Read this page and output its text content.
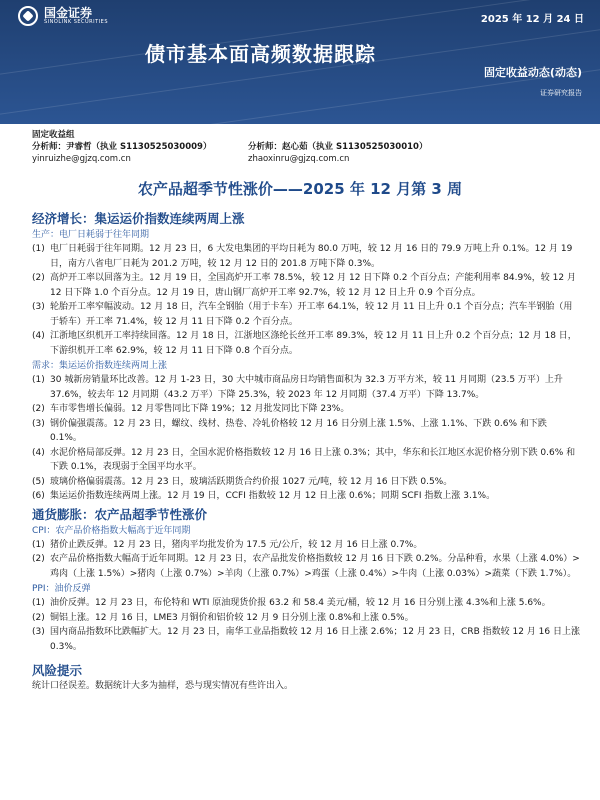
国金证券
SINOLINK SECURITIES	2025 年 12 月 24 日
债市基本面高频数据跟踪
固定收益动态(动态)
证券研究报告
固定收益组
分析师：尹睿哲（执业 S1130525030009）	分析师：赵心茹（执业 S1130525030010）
yinruizhe@gjzq.com.cn	zhaoxinru@gjzq.com.cn
农产品超季节性涨价——2025 年 12 月第 3 周
经济增长：集运运价指数连续两周上涨
生产：电厂日耗弱于往年同期
(1) 电厂日耗弱于往年同期。12 月 23 日，6 大发电集团的平均日耗为 80.0 万吨，较 12 月 16 日的 79.9 万吨上升 0.1%。12 月 19 日，南方八省电厂日耗为 201.2 万吨，较 12 月 12 日的 201.8 万吨下降 0.3%。
(2) 高炉开工率以回落为主。12 月 19 日，全国高炉开工率 78.5%，较 12 月 12 日下降 0.2 个百分点；产能利用率 84.9%，较 12 月 12 日下降 1.0 个百分点。12 月 19 日，唐山钢厂高炉开工率 92.7%，较 12 月 12 日上升 0.9 个百分点。
(3) 轮胎开工率窄幅波动。12 月 18 日，汽车全钢胎（用于卡车）开工率 64.1%，较 12 月 11 日上升 0.1 个百分点；汽车半钢胎（用于轿车）开工率 71.4%，较 12 月 11 日下降 0.2 个百分点。
(4) 江浙地区织机开工率持续回落。12 月 18 日，江浙地区涤纶长丝开工率 89.3%，较 12 月 11 日上升 0.2 个百分点；12 月 18 日，下游织机开工率 62.9%，较 12 月 11 日下降 0.8 个百分点。
需求：集运运价指数连续两周上涨
(1) 30 城新房销量环比改善。12 月 1-23 日，30 大中城市商品房日均销售面积为 32.3 万平方米，较 11 月同期（23.5 万平）上升 37.6%，较去年 12 月同期（43.2 万平）下降 25.3%，较 2023 年 12 月同期（37.4 万平）下降 13.7%。
(2) 车市零售增长偏弱。12 月零售同比下降 19%；12 月批发同比下降 23%。
(3) 钢价偏强震荡。12 月 23 日，螺纹、线材、热卷、冷轧价格较 12 月 16 日分别上涨 1.5%、上涨 1.1%、下跌 0.6% 和下跌 0.1%。
(4) 水泥价格局部反弹。12 月 23 日，全国水泥价格指数较 12 月 16 日上涨 0.3%；其中，华东和长江地区水泥价格分别下跌 0.6% 和下跌 0.1%，表现弱于全国平均水平。
(5) 玻璃价格偏弱震荡。12 月 23 日，玻璃活跃期货合约价报 1027 元/吨，较 12 月 16 日下跌 0.5%。
(6) 集运运价指数连续两周上涨。12 月 19 日，CCFI 指数较 12 月 12 日上涨 0.6%；同期 SCFI 指数上涨 3.1%。
通货膨胀：农产品超季节性涨价
CPI：农产品价格指数大幅高于近年同期
(1) 猪价止跌反弹。12 月 23 日，猪肉平均批发价为 17.5 元/公斤，较 12 月 16 日上涨 0.7%。
(2) 农产品价格指数大幅高于近年同期。12 月 23 日，农产品批发价格指数较 12 月 16 日下跌 0.2%。分品种看，水果（上涨 4.0%）>鸡肉（上涨 1.5%）>猪肉（上涨 0.7%）>羊肉（上涨 0.7%）>鸡蛋（上涨 0.4%）>牛肉（上涨 0.03%）>蔬菜（下跌 1.7%）。
PPI：油价反弹
(1) 油价反弹。12 月 23 日，布伦特和 WTI 原油现货价报 63.2 和 58.4 美元/桶，较 12 月 16 日分别上涨 4.3%和上涨 5.6%。
(2) 铜铝上涨。12 月 16 日，LME3 月铜价和铝价较 12 月 9 日分别上涨 0.8%和上涨 0.5%。
(3) 国内商品指数环比跌幅扩大。12 月 23 日，南华工业品指数较 12 月 16 日上涨 2.6%；12 月 23 日，CRB 指数较 12 月 16 日上涨 0.3%。
风险提示
统计口径误差。数据统计大多为抽样，恐与现实情况有些许出入。
